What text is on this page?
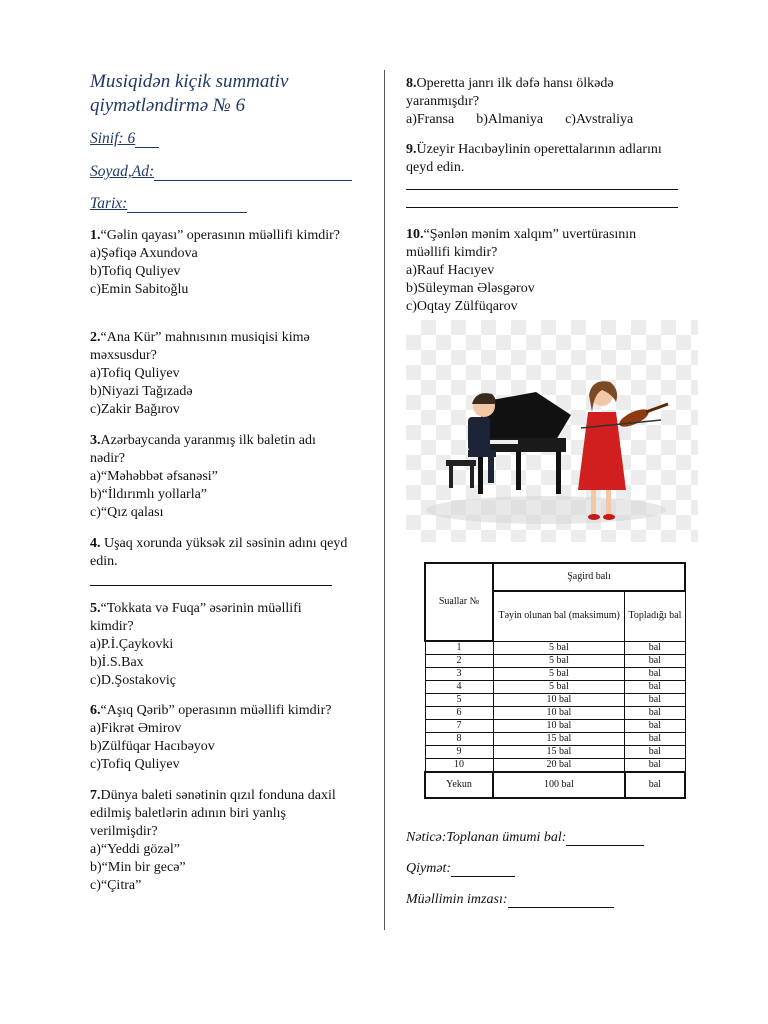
Musiqidən kiçik summativ qiymətləndirmə № 6
Sinif: 6
Soyad,Ad:
Tarix:
1.“Gəlin qayası” operasının müəllifi kimdir?
a)Şəfiqə Axundova
b)Tofiq Quliyev
c)Emin Sabitoğlu
2.“Ana Kür” mahnısının musiqisi kimə məxsusdur?
a)Tofiq Quliyev
b)Niyazi Tağızadə
c)Zakir Bağırov
3.Azərbaycanda yaranmış ilk baletin adı nədir?
a)“Məhəbbət əfsanəsi”
b)“İldırımlı yollarla”
c)“Qız qalası
4. Uşaq xorunda yüksək zil səsinin adını qeyd edin.
5.“Tokkata və Fuqa” əsərinin müəllifi kimdir?
a)P.İ.Çaykovki
b)İ.S.Bax
c)D.Şostakoviç
6.“Aşıq Qərib” operasının müəllifi kimdir?
a)Fikrət Əmirov
b)Zülfüqar Hacıbəyov
c)Tofiq Quliyev
7.Dünya baleti sənətinin qızıl fonduna daxil edilmiş baletlərin adının biri yanlış verilmişdir?
a)“Yeddi gözəl”
b)“Min bir gecə”
c)“Çitra”
8.Operetta janrı ilk dəfə hansı ölkədə yaranmışdır?
a)Fransa b)Almaniya c)Avstraliya
9.Üzeyir Hacıbəylinin operettalarının adlarını qeyd edin.
10.“Şənlən mənim xalqım” uvertürasının müəllifi kimdir?
a)Rauf Hacıyev
b)Süleyman Ələsgərov
c)Oqtay Zülfüqarov
Suallar №	Şagird balı	
	Təyin olunan bal (maksimum)	Topladığı bal
1	5 bal	bal
2	5 bal	bal
3	5 bal	bal
4	5 bal	bal
5	10 bal	bal
6	10 bal	bal
7	10 bal	bal
8	15 bal	bal
9	15 bal	bal
10	20 bal	bal
Yekun	100 bal	bal
Nəticə:Toplanan ümumi bal:
Qiymət:
Müəllimin imzası:
